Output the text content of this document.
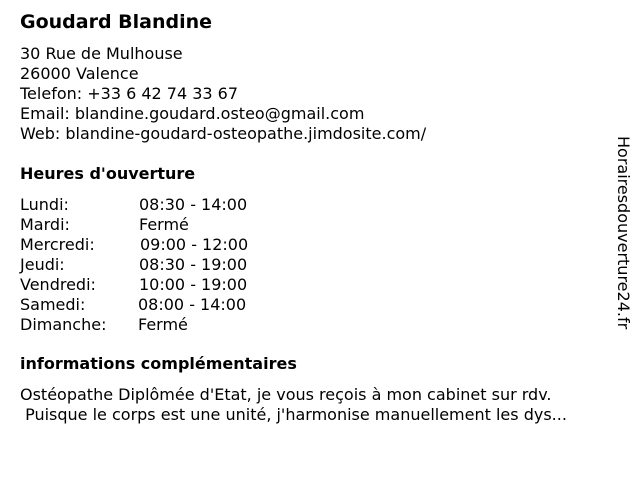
Goudard Blandine
30 Rue de Mulhouse
26000 Valence
Telefon: +33 6 42 74 33 67
Email: blandine.goudard.osteo@gmail.com
Web: blandine-goudard-osteopathe.jimdosite.com/
Heures d'ouverture
Lundi:	08:30 - 14:00
Mardi:	Fermé
Mercredi:	09:00 - 12:00
Jeudi:	08:30 - 19:00
Vendredi:	10:00 - 19:00
Samedi:	08:00 - 14:00
Dimanche: Fermé
informations complémentaires
Ostéopathe Diplômée d'Etat, je vous reçois à mon cabinet sur rdv.
Puisque le corps est une unité, j'harmonise manuellement les dys...
Horairesdouverture24.fr
